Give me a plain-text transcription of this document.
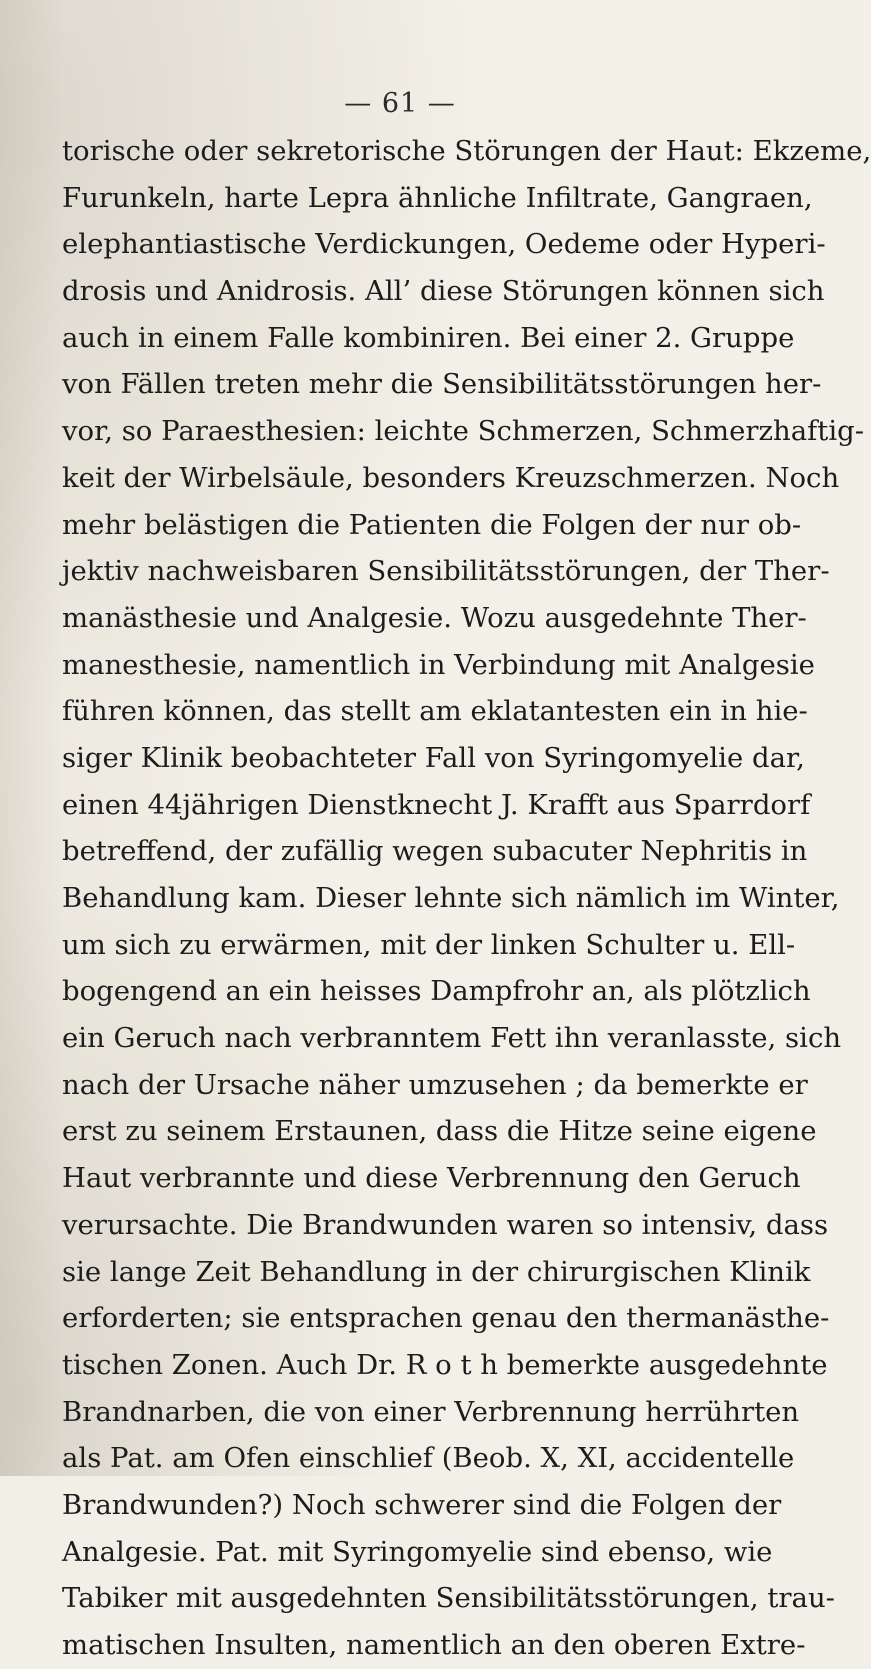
— 61 —
torische oder sekretorische Störungen der Haut: Ekzeme,
Furunkeln, harte Lepra ähnliche Infiltrate, Gangraen,
elephantiastische Verdickungen, Oedeme oder Hyperi-
drosis und Anidrosis. All’ diese Störungen können sich
auch in einem Falle kombiniren. Bei einer 2. Gruppe
von Fällen treten mehr die Sensibilitätsstörungen her-
vor, so Paraesthesien: leichte Schmerzen, Schmerzhaftig-
keit der Wirbelsäule, besonders Kreuzschmerzen. Noch
mehr belästigen die Patienten die Folgen der nur ob-
jektiv nachweisbaren Sensibilitätsstörungen, der Ther-
manästhesie und Analgesie. Wozu ausgedehnte Ther-
manesthesie, namentlich in Verbindung mit Analgesie
führen können, das stellt am eklatantesten ein in hie-
siger Klinik beobachteter Fall von Syringomyelie dar,
einen 44jährigen Dienstknecht J. Krafft aus Sparrdorf
betreffend, der zufällig wegen subacuter Nephritis in
Behandlung kam. Dieser lehnte sich nämlich im Winter,
um sich zu erwärmen, mit der linken Schulter u. Ell-
bogengend an ein heisses Dampfrohr an, als plötzlich
ein Geruch nach verbranntem Fett ihn veranlasste, sich
nach der Ursache näher umzusehen ; da bemerkte er
erst zu seinem Erstaunen, dass die Hitze seine eigene
Haut verbrannte und diese Verbrennung den Geruch
verursachte. Die Brandwunden waren so intensiv, dass
sie lange Zeit Behandlung in der chirurgischen Klinik
erforderten; sie entsprachen genau den thermanästhe-
tischen Zonen. Auch Dr. R o t h bemerkte ausgedehnte
Brandnarben, die von einer Verbrennung herrührten
als Pat. am Ofen einschlief (Beob. X, XI, accidentelle
Brandwunden?) Noch schwerer sind die Folgen der
Analgesie. Pat. mit Syringomyelie sind ebenso, wie
Tabiker mit ausgedehnten Sensibilitätsstörungen, trau-
matischen Insulten, namentlich an den oberen Extre-
